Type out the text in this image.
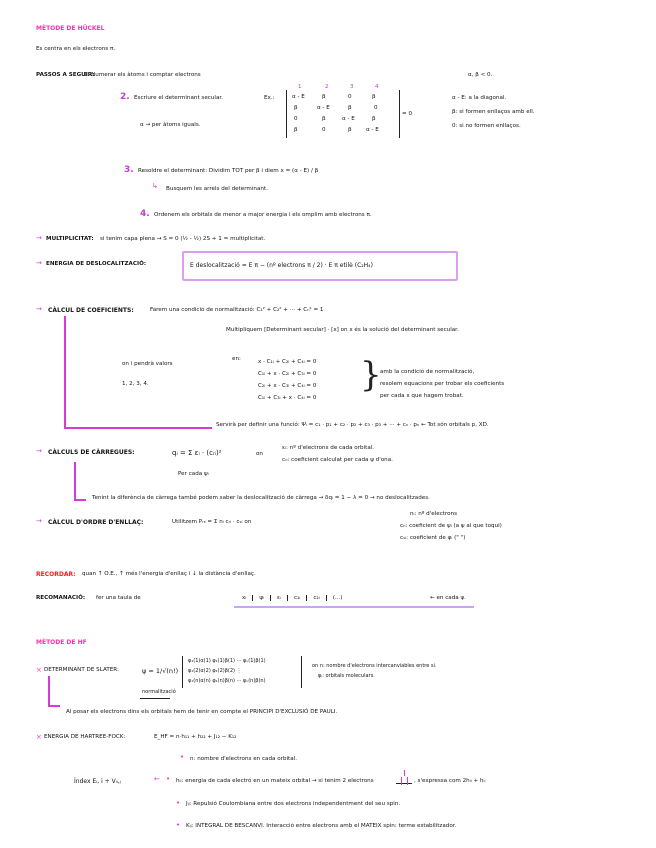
MÈTODE DE HÜCKEL
Es centra en els electrons π.
PASSOS A SEGUIR:
1. Numerar els àtoms i comptar electrons	α, β < 0.
2. Escriure el determinant secular.	Ex.:
α → per àtoms iguals.
1	2	3	4
α - E	β	0	β
β	α - E	β	0
0	β	α - E	β
β	0	β	α - E
= 0
α - E: a la diagonal.
β: si formen enllaços amb ell.
0: si no formen enllaços.
3. Resoldre el determinant: Dividim TOT per β i diem x = (α - E) / β
↳ Busquem les arrels del determinant.
4. Ordenem els orbitals de menor a major energia i els omplim amb electrons π.
→ MULTIPLICITAT: si tenim capa plena → S = 0 (½ - ½) 2S + 1 = multiplicitat.
→ ENERGIA DE DESLOCALITZACIÓ:	E deslocalització = E π − (nº electrons π / 2) · E π etilè (C₂H₄)
→ CÀLCUL DE COEFICIENTS:	Farem una condició de normalització: C₁² + C₂² + ··· + Cₙ² = 1
Multipliquem [Determinant secular] · [x] on x és la solució del determinant secular.
on i pendrà valors
1, 2, 3, 4.
en:	x · C₁ᵢ + C₂ᵢ + C₄ᵢ = 0
C₁ᵢ + x · C₂ᵢ + C₃ᵢ = 0
C₂ᵢ + x · C₃ᵢ + C₄ᵢ = 0
C₁ᵢ + C₃ᵢ + x · C₄ᵢ = 0
}
amb la condició de normalització,
resolem equacions per trobar els coeficients
per cada x que hagem trobat.
Servirà per definir una funció: Ψᵢ = c₁ · p₁ + c₂ · p₂ + c₃ · p₃ + ··· + cₙ · pₙ ← Tot són orbitals p, XD.
→ CÀLCULS DE CÀRREGUES:	qᵢ = Σ εᵢ · (cᵣᵢ)²	on
εᵢ: nº d'electrons de cada orbital.
cᵣᵢ: coeficient calculat per cada ψ d'ona.
Per cada ψᵢ
Tenint la diferència de càrrega també podem saber la deslocalització de càrrega → δqᵢ = 1 − λ = 0 → no deslocalitzades.
→ CÀLCUL D'ORDRE D'ENLLAÇ:	Utilitzem Pᵣₛ = Σ nᵢ cᵣᵢ · cₛᵢ on
nᵢ: nº d'electrons
cᵣᵢ: coeficient de ψᵢ (a ψ al que toqui)
cₛᵢ: coeficient de ψᵢ (" ")
RECORDAR: quan ↑ O.E., ↑ més l'energia d'enllaç i ↓ la distància d'enllaç.
RECOMANACIÓ: fer una taula de	xᵢ	ψᵢ	εᵢ	c₁ᵢ	c₂ᵢ	(...)	← en cada ψ.
MÈTODE DE HF
× DETERMINANT DE SLATER:	ψ = 1/√(n!)
normalització
φ₁(1)α(1) φ₁(1)β(1) ··· φₙ(1)β(1)
φ₁(2)α(2) φ₁(2)β(2) ⋮
φ₁(n)α(n) φ₁(n)β(n) ··· φₙ(n)β(n)
on n: nombre d'electrons intercanviables entre si.
φᵢ: orbitals moleculars.
Al posar els electrons dins els orbitals hem de tenir en compte el PRINCIPI D'EXCLUSIÓ DE PAULI.
× ENERGIA DE HARTREE-FOCK:	E_HF = n·h₁₁ + h₂₂ + J₁₂ − K₁₂
• n: nombre d'electrons en cada orbital.
Índex Eᵢ, i + Vᵢᵢ,ⱼ	← • hᵢᵢ: energia de cada electró en un mateix orbital → si tenim 2 electrons	, s'expressa com 2hᵢᵢ + hᵢᵢ
• Jᵢⱼ: Repulsió Coulombiana entre dos electrons independentment del seu spin.
• Kᵢⱼ: INTEGRAL DE BESCANVI. Interacció entre electrons amb el MATEIX spin: terme estabilitzador.
